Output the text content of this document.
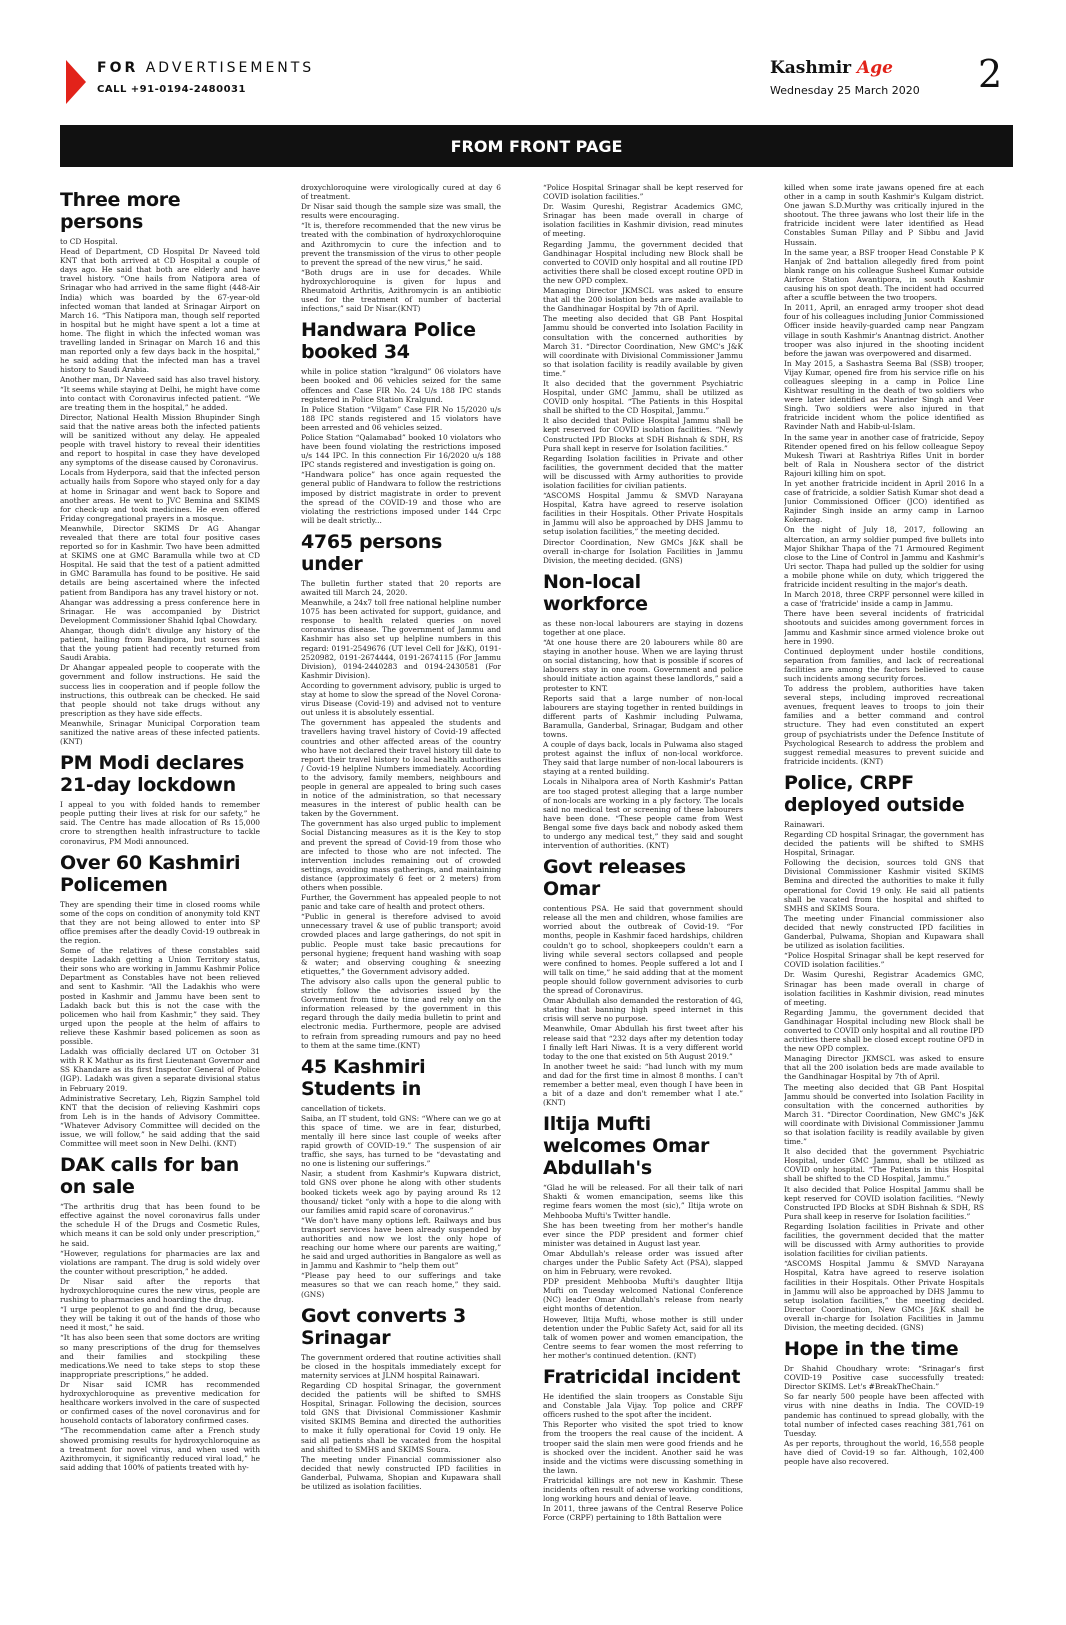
FOR ADVERTISEMENTS
CALL +91-0194-2480031
Kashmir Age
Wednesday 25 March 2020 2
FROM FRONT PAGE
Three more persons

to CD Hospital.

Head of Department, CD Hospital Dr Naveed told KNT that both arrived at CD Hospital a couple of days ago. He said that both are elderly and have travel history. “One hails from Natipora area of Srinagar who had arrived in the same flight (448-Air India) which was boarded by the 67-year-old infected woman that landed at Srinagar Airport on March 16. “This Natipora man, though self reported in hospital but he might have spent a lot a time at home. The flight in which the infected woman was travelling landed in Srinagar on March 16 and this man reported only a few days back in the hospital,” he said adding that the infected man has a travel history to Saudi Arabia.

Another man, Dr Naveed said has also travel history. “It seems while staying at Delhi, he might have come into contact with Coronavirus infected patient. “We are treating them in the hospital,” he added.

Director, National Health Mission Bhupinder Singh said that the native areas both the infected patients will be sanitized without any delay. He appealed people with travel history to reveal their identities and report to hospital in case they have developed any symptoms of the disease caused by Coronavirus.

Locals from Hyderpora, said that the infected person actually hails from Sopore who stayed only for a day at home in Srinagar and went back to Sopore and another areas. He went to JVC Bemina and SKIMS for check-up and took medicines. He even offered Friday congregational prayers in a mosque.

Meanwhile, Director SKIMS Dr AG Ahangar revealed that there are total four positive cases reported so for in Kashmir. Two have been admitted at SKIMS one at GMC Baramulla while two at CD Hospital. He said that the test of a patient admitted in GMC Baramulla has found to be positive. He said details are being ascertained where the infected patient from Bandipora has any travel history or not.

Ahangar was addressing a press conference here in Srinagar. He was accompanied by District Development Commissioner Shahid Iqbal Chowdary.

Ahangar, though didn't divulge any history of the patient, hailing from Bandipora, but sources said that the young patient had recently returned from Saudi Arabia.

Dr Ahangar appealed people to cooperate with the government and follow instructions. He said the success lies in cooperation and if people follow the instructions, this outbreak can be checked. He said that people should not take drugs without any prescription as they have side effects.

Meanwhile, Srinagar Municipal Corporation team sanitized the native areas of these infected patients. (KNT)

PM Modi declares 21-day lockdown

I appeal to you with folded hands to remember people putting their lives at risk for our safety,” he said. The Centre has made allocation of Rs 15,000 crore to strengthen health infrastructure to tackle coronavirus, PM Modi announced.

Over 60 Kashmiri Policemen

They are spending their time in closed rooms while some of the cops on condition of anonymity told KNT that they are not being allowed to enter into SP office premises after the deadly Covid-19 outbreak in the region.

Some of the relatives of these constables said despite Ladakh getting a Union Territory status, their sons who are working in Jammu Kashmir Police Department as Constables have not been relieved and sent to Kashmir. “All the Ladakhis who were posted in Kashmir and Jammu have been sent to Ladakh back but this is not the case with the policemen who hail from Kashmir,” they said. They urged upon the people at the helm of affairs to relieve these Kashmir based policemen as soon as possible.

Ladakh was officially declared UT on October 31 with R K Mathur as its first Lieutenant Governor and SS Khandare as its first Inspector General of Police (IGP). Ladakh was given a separate divisional status in February 2019.

Administrative Secretary, Leh, Rigzin Samphel told KNT that the decision of relieving Kashmiri cops from Leh is in the hands of Advisory Committee. “Whatever Advisory Committee will decided on the issue, we will follow,” he said adding that the said Committee will meet soon in New Delhi. (KNT)

DAK calls for ban on sale

“The arthritis drug that has been found to be effective against the novel coronavirus falls under the schedule H of the Drugs and Cosmetic Rules, which means it can be sold only under prescription,” he said.

“However, regulations for pharmacies are lax and violations are rampant. The drug is sold widely over the counter without prescription,” he added.

Dr Nisar said after the reports that hydroxychloroquine cures the new virus, people are rushing to pharmacies and hoarding the drug.

“I urge peoplenot to go and find the drug, because they will be taking it out of the hands of those who need it most,” he said.

“It has also been seen that some doctors are writing so many prescriptions of the drug for themselves and their families and stockpiling these medications.We need to take steps to stop these inappropriate prescriptions,” he added.

Dr Nisar said ICMR has recommended hydroxychloroquine as preventive medication for healthcare workers involved in the care of suspected or confirmed cases of the novel coronavirus and for household contacts of laboratory confirmed cases.

“The recommendation came after a French study showed promising results for hydroxychloroquine as a treatment for novel virus, and when used with Azithromycin, it significantly reduced viral load,” he said adding that 100% of patients treated with hy-

droxychloroquine were virologically cured at day 6 of treatment.

Dr Nisar said though the sample size was small, the results were encouraging.

“It is, therefore recommended that the new virus be treated with the combination of hydroxychloroquine and Azithromycin to cure the infection and to prevent the transmission of the virus to other people to prevent the spread of the new virus,” he said.

“Both drugs are in use for decades. While hydroxychloroquine is given for lupus and Rheumatoid Arthritis, Azithromycin is an antibiotic used for the treatment of number of bacterial infections,” said Dr Nisar.(KNT)

Handwara Police booked 34

while in police station “kralgund” 06 violators have been booked and 06 vehicles seized for the same offences and Case FIR No. 24 U/s 188 IPC stands registered in Police Station Kralgund.

In Police Station “Vilgam” Case FIR No 15/2020 u/s 188 IPC stands registered and 15 violators have been arrested and 06 vehicles seized.

Police Station “Qalamabad” booked 10 violators who have been found violating the restrictions imposed u/s 144 IPC. In this connection Fir 16/2020 u/s 188 IPC stands registered and investigation is going on.

“Handwara police” has once again requested the general public of Handwara to follow the restrictions imposed by district magistrate in order to prevent the spread of the COVID-19 and those who are violating the restrictions imposed under 144 Crpc will be dealt strictly...

4765 persons under

The bulletin further stated that 20 reports are awaited till March 24, 2020.

Meanwhile, a 24x7 toll free national helpline number 1075 has been activated for support, guidance, and response to health related queries on novel coronavirus disease. The government of Jammu and Kashmir has also set up helpline numbers in this regard: 0191-2549676 (UT level Cell for J&K), 0191-2520982, 0191-2674444, 0191-2674115 (For Jammu Division), 0194-2440283 and 0194-2430581 (For Kashmir Division).

According to government advisory, public is urged to stay at home to slow the spread of the Novel Corona-virus Disease (Covid-19) and advised not to venture out unless it is absolutely essential.

The government has appealed the students and travellers having travel history of Covid-19 affected countries and other affected areas of the country who have not declared their travel history till date to report their travel history to local health authorities / Covid-19 helpline Numbers immediately. According to the advisory, family members, neighbours and people in general are appealed to bring such cases in notice of the administration, so that necessary measures in the interest of public health can be taken by the Government.

The government has also urged public to implement Social Distancing measures as it is the Key to stop and prevent the spread of Covid-19 from those who are infected to those who are not infected. The intervention includes remaining out of crowded settings, avoiding mass gatherings, and maintaining distance (approximately 6 feet or 2 meters) from others when possible.

Further, the Government has appealed people to not panic and take care of health and protect others.

“Public in general is therefore advised to avoid unnecessary travel & use of public transport; avoid crowded places and large gatherings, do not spit in public. People must take basic precautions for personal hygiene; frequent hand washing with soap & water; and observing coughing & sneezing etiquettes,” the Government advisory added.

The advisory also calls upon the general public to strictly follow the advisories issued by the Government from time to time and rely only on the information released by the government in this regard through the daily media bulletin to print and electronic media. Furthermore, people are advised to refrain from spreading rumours and pay no heed to them at the same time.(KNT)

45 Kashmiri Students in

cancellation of tickets.

Saiba, an IT student, told GNS: “Where can we go at this space of time. we are in fear, disturbed, mentally ill here since last couple of weeks after rapid growth of COVID-19.” The suspension of air traffic, she says, has turned to be “devastating and no one is listening our sufferings.”

Nasir, a student from Kashmir's Kupwara district, told GNS over phone he along with other students booked tickets week ago by paying around Rs 12 thousand/ ticket “only with a hope to die along with our families amid rapid scare of coronavirus.”

“We don't have many options left. Railways and bus transport services have been already suspended by authorities and now we lost the only hope of reaching our home where our parents are waiting,” he said and urged authorities in Bangalore as well as in Jammu and Kashmir to “help them out”

“Please pay heed to our sufferings and take measures so that we can reach home,” they said. (GNS)

Govt converts 3 Srinagar

The government ordered that routine activities shall be closed in the hospitals immediately except for maternity services at JLNM hospital Rainawari.

Regarding CD hospital Srinagar, the government decided the patients will be shifted to SMHS Hospital, Srinagar. Following the decision, sources told GNS that Divisional Commissioner Kashmir visited SKIMS Bemina and directed the authorities to make it fully operational for Covid 19 only. He said all patients shall be vacated from the hospital and shifted to SMHS and SKIMS Soura.

The meeting under Financial commissioner also decided that newly constructed IPD facilities in Ganderbal, Pulwama, Shopian and Kupawara shall be utilized as isolation facilities.

“Police Hospital Srinagar shall be kept reserved for COVID isolation facilities.”

Dr. Wasim Qureshi, Registrar Academics GMC, Srinagar has been made overall in charge of isolation facilities in Kashmir division, read minutes of meeting.

Regarding Jammu, the government decided that Gandhinagar Hospital including new Block shall be converted to COVID only hospital and all routine IPD activities there shall be closed except routine OPD in the new OPD complex.

Managing Director JKMSCL was asked to ensure that all the 200 isolation beds are made available to the Gandhinagar Hospital by 7th of April.

The meeting also decided that GB Pant Hospital Jammu should be converted into Isolation Facility in consultation with the concerned authorities by March 31. “Director Coordination, New GMC's J&K will coordinate with Divisional Commissioner Jammu so that isolation facility is readily available by given time.”

It also decided that the government Psychiatric Hospital, under GMC Jammu, shall be utilized as COVID only hospital. “The Patients in this Hospital shall be shifted to the CD Hospital, Jammu.”

It also decided that Police Hospital Jammu shall be kept reserved for COVID isolation facilities. “Newly Constructed IPD Blocks at SDH Bishnah & SDH, RS Pura shall kept in reserve for Isolation facilities.”

Regarding Isolation facilities in Private and other facilities, the government decided that the matter will be discussed with Army authorities to provide isolation facilities for civilian patients.

“ASCOMS Hospital Jammu & SMVD Narayana Hospital, Katra have agreed to reserve isolation facilities in their Hospitals. Other Private Hospitals in Jammu will also be approached by DHS Jammu to setup isolation facilities,” the meeting decided.

Director Coordination, New GMCs J&K shall be overall in-charge for Isolation Facilities in Jammu Division, the meeting decided. (GNS)

Non-local workforce

as these non-local labourers are staying in dozens together at one place.

“At one house there are 20 labourers while 80 are staying in another house. When we are laying thrust on social distancing, how that is possible if scores of labourers stay in one room. Government and police should initiate action against these landlords,” said a protester to KNT.

Reports said that a large number of non-local labourers are staying together in rented buildings in different parts of Kashmir including Pulwama, Baramulla, Ganderbal, Srinagar, Budgam and other towns.

A couple of days back, locals in Pulwama also staged protest against the influx of non-local workforce. They said that large number of non-local labourers is staying at a rented building.

Locals in Nihalpora area of North Kashmir's Pattan are too staged protest alleging that a large number of non-locals are working in a ply factory. The locals said no medical test or screening of these labourers have been done. “These people came from West Bengal some five days back and nobody asked them to undergo any medical test,” they said and sought intervention of authorities. (KNT)

Govt releases Omar

contentious PSA. He said that government should release all the men and children, whose families are worried about the outbreak of Covid-19. “For months, people in Kashmir faced hardships, children couldn't go to school, shopkeepers couldn't earn a living while several sectors collapsed and people were confined to homes. People suffered a lot and I will talk on time,” he said adding that at the moment people should follow government advisories to curb the spread of Coronavirus.

Omar Abdullah also demanded the restoration of 4G, stating that banning high speed internet in this crisis will serve no purpose.

Meanwhile, Omar Abdullah his first tweet after his release said that “232 days after my detention today I finally left Hari Niwas. It is a very different world today to the one that existed on 5th August 2019.”

In another tweet he said: “had lunch with my mum and dad for the first time in almost 8 months. I can't remember a better meal, even though I have been in a bit of a daze and don't remember what I ate.” (KNT)

Iltija Mufti welcomes Omar Abdullah's

“Glad he will be released. For all their talk of nari Shakti & women emancipation, seems like this regime fears women the most (sic),” Iltija wrote on Mehbooba Mufti's Twitter handle.

She has been tweeting from her mother's handle ever since the PDP president and former chief minister was detained in August last year.

Omar Abdullah's release order was issued after charges under the Public Safety Act (PSA), slapped on him in February, were revoked.

PDP president Mehbooba Mufti's daughter Iltija Mufti on Tuesday welcomed National Conference (NC) leader Omar Abdullah's release from nearly eight months of detention.

However, Iltija Mufti, whose mother is still under detention under the Public Safety Act, said for all its talk of women power and women emancipation, the Centre seems to fear women the most referring to her mother's continued detention. (KNT)

Fratricidal incident

He identified the slain troopers as Constable Siju and Constable Jala Vijay. Top police and CRPF officers rushed to the spot after the incident.

This Reporter who visited the spot tried to know from the troopers the real cause of the incident. A trooper said the slain men were good friends and he is shocked over the incident. Another said he was inside and the victims were discussing something in the lawn.

Fratricidal killings are not new in Kashmir. These incidents often result of adverse working conditions, long working hours and denial of leave.

In 2011, three jawans of the Central Reserve Police Force (CRPF) pertaining to 18th Battalion were

killed when some irate jawans opened fire at each other in a camp in south Kashmir's Kulgam district. One jawan S.D.Murthy was critically injured in the shootout. The three jawans who lost their life in the fratricide incident were later identified as Head Constables Suman Pillay and P Sibbu and Javid Hussain.

In the same year, a BSF trooper Head Constable P K Hanjak of 2nd battalion allegedly fired from point blank range on his colleague Susheel Kumar outside Airforce Station Awantipora, in south Kashmir causing his on spot death. The incident had occurred after a scuffle between the two troopers.

In 2011, April, an enraged army trooper shot dead four of his colleagues including Junior Commissioned Officer inside heavily-guarded camp near Pangzam village in south Kashmir's Anantnag district. Another trooper was also injured in the shooting incident before the jawan was overpowered and disarmed.

In May 2015, a Sashastra Seema Bal (SSB) trooper, Vijay Kumar, opened fire from his service rifle on his colleagues sleeping in a camp in Police Line Kishtwar resulting in the death of two soldiers who were later identified as Narinder Singh and Veer Singh. Two soldiers were also injured in that fratricide incident whom the police identified as Ravinder Nath and Habib-ul-Islam.

In the same year in another case of fratricide, Sepoy Ritender opened fired on his fellow colleague Sepoy Mukesh Tiwari at Rashtriya Rifles Unit in border belt of Rala in Noushera sector of the district Rajouri killing him on spot.

In yet another fratricide incident in April 2016 In a case of fratricide, a soldier Satish Kumar shot dead a Junior Commissioned Officer (JCO) identified as Rajinder Singh inside an army camp in Larnoo Kokernag.

On the night of July 18, 2017, following an altercation, an army soldier pumped five bullets into Major Shikhar Thapa of the 71 Armoured Regiment close to the Line of Control in Jammu and Kashmir's Uri sector. Thapa had pulled up the soldier for using a mobile phone while on duty, which triggered the fratricide incident resulting in the major's death.

In March 2018, three CRPF personnel were killed in a case of 'fratricide' inside a camp in Jammu.

There have been several incidents of fratricidal shootouts and suicides among government forces in Jammu and Kashmir since armed violence broke out here in 1990.

Continued deployment under hostile conditions, separation from families, and lack of recreational facilities are among the factors believed to cause such incidents among security forces.

To address the problem, authorities have taken several steps, including improved recreational avenues, frequent leaves to troops to join their families and a better command and control structure. They had even constituted an expert group of psychiatrists under the Defence Institute of Psychological Research to address the problem and suggest remedial measures to prevent suicide and fratricide incidents. (KNT)

Police, CRPF deployed outside

Rainawari.

Regarding CD hospital Srinagar, the government has decided the patients will be shifted to SMHS Hospital, Srinagar.

Following the decision, sources told GNS that Divisional Commissioner Kashmir visited SKIMS Bemina and directed the authorities to make it fully operational for Covid 19 only. He said all patients shall be vacated from the hospital and shifted to SMHS and SKIMS Soura.

The meeting under Financial commissioner also decided that newly constructed IPD facilities in Ganderbal, Pulwama, Shopian and Kupawara shall be utilized as isolation facilities.

“Police Hospital Srinagar shall be kept reserved for COVID isolation facilities.”

Dr. Wasim Qureshi, Registrar Academics GMC, Srinagar has been made overall in charge of isolation facilities in Kashmir division, read minutes of meeting.

Regarding Jammu, the government decided that Gandhinagar Hospital including new Block shall be converted to COVID only hospital and all routine IPD activities there shall be closed except routine OPD in the new OPD complex.

Managing Director JKMSCL was asked to ensure that all the 200 isolation beds are made available to the Gandhinagar Hospital by 7th of April.

The meeting also decided that GB Pant Hospital Jammu should be converted into Isolation Facility in consultation with the concerned authorities by March 31. “Director Coordination, New GMC's J&K will coordinate with Divisional Commissioner Jammu so that isolation facility is readily available by given time.”

It also decided that the government Psychiatric Hospital, under GMC Jammu, shall be utilized as COVID only hospital. “The Patients in this Hospital shall be shifted to the CD Hospital, Jammu.”

It also decided that Police Hospital Jammu shall be kept reserved for COVID isolation facilities. “Newly Constructed IPD Blocks at SDH Bishnah & SDH, RS Pura shall keep in reserve for Isolation facilities.”

Regarding Isolation facilities in Private and other facilities, the government decided that the matter will be discussed with Army authorities to provide isolation facilities for civilian patients.

“ASCOMS Hospital Jammu & SMVD Narayana Hospital, Katra have agreed to reserve isolation facilities in their Hospitals. Other Private Hospitals in Jammu will also be approached by DHS Jammu to setup isolation facilities,” the meeting decided. Director Coordination, New GMCs J&K shall be overall in-charge for Isolation Facilities in Jammu Division, the meeting decided. (GNS)

Hope in the time

Dr Shahid Choudhary wrote: “Srinagar's first COVID-19 Positive case successfully treated: Director SKIMS. Let's #BreakTheChain.”

So far nearly 500 people have been affected with virus with nine deaths in India. The COVID-19 pandemic has continued to spread globally, with the total number of infected cases reaching 381,761 on Tuesday.

As per reports, throughout the world, 16,558 people have died of Covid-19 so far. Although, 102,400 people have also recovered.
